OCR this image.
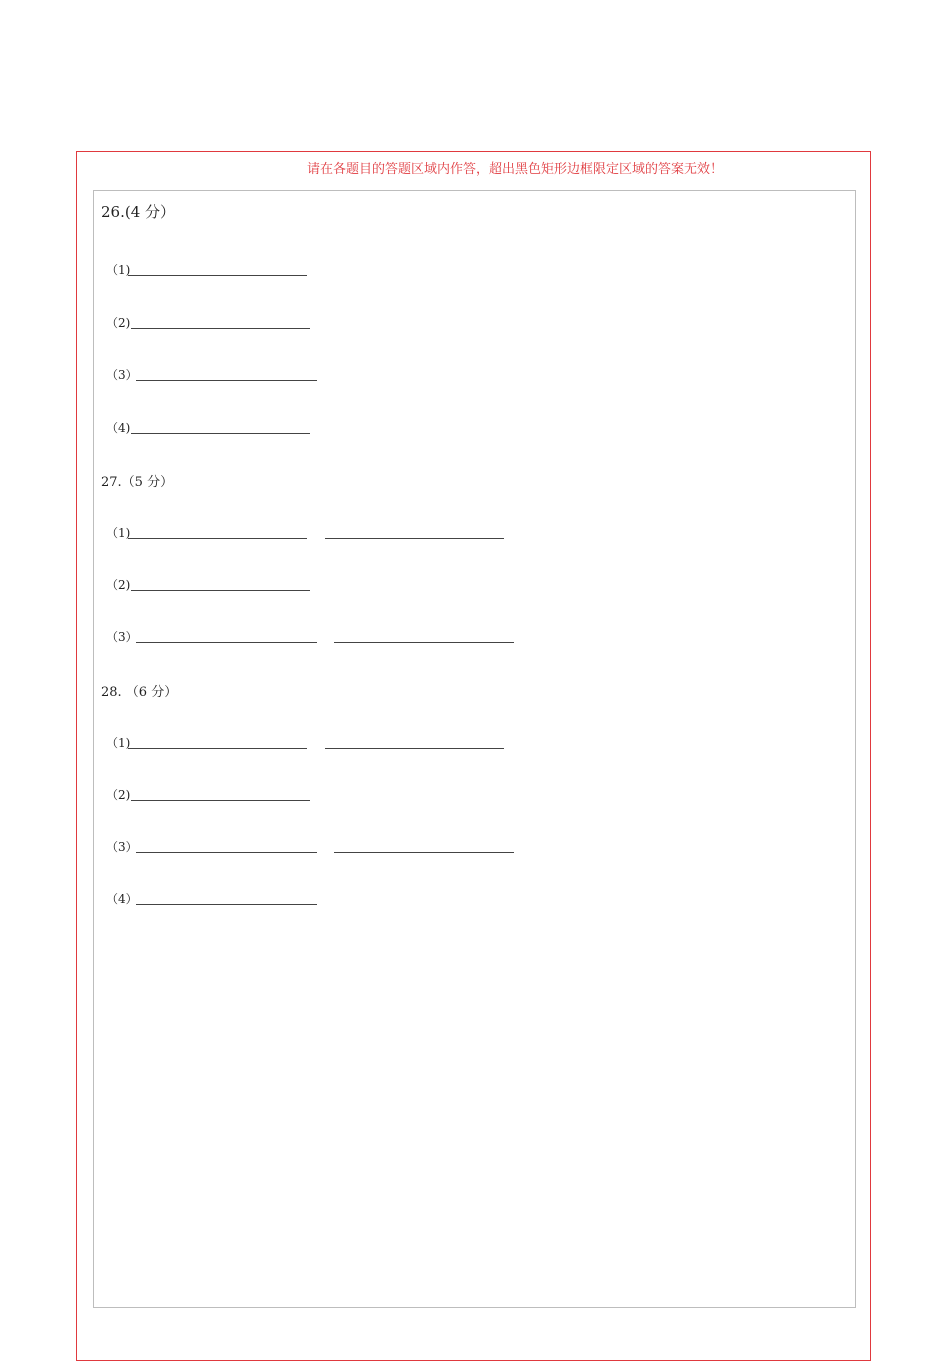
请在各题目的答题区域内作答，超出黑色矩形边框限定区域的答案无效！
26.(4 分）
（1)
（2)
（3）
（4)
27.（5 分）
（1)
（2)
（3）
28. （6 分）
（1)
（2)
（3）
（4）
